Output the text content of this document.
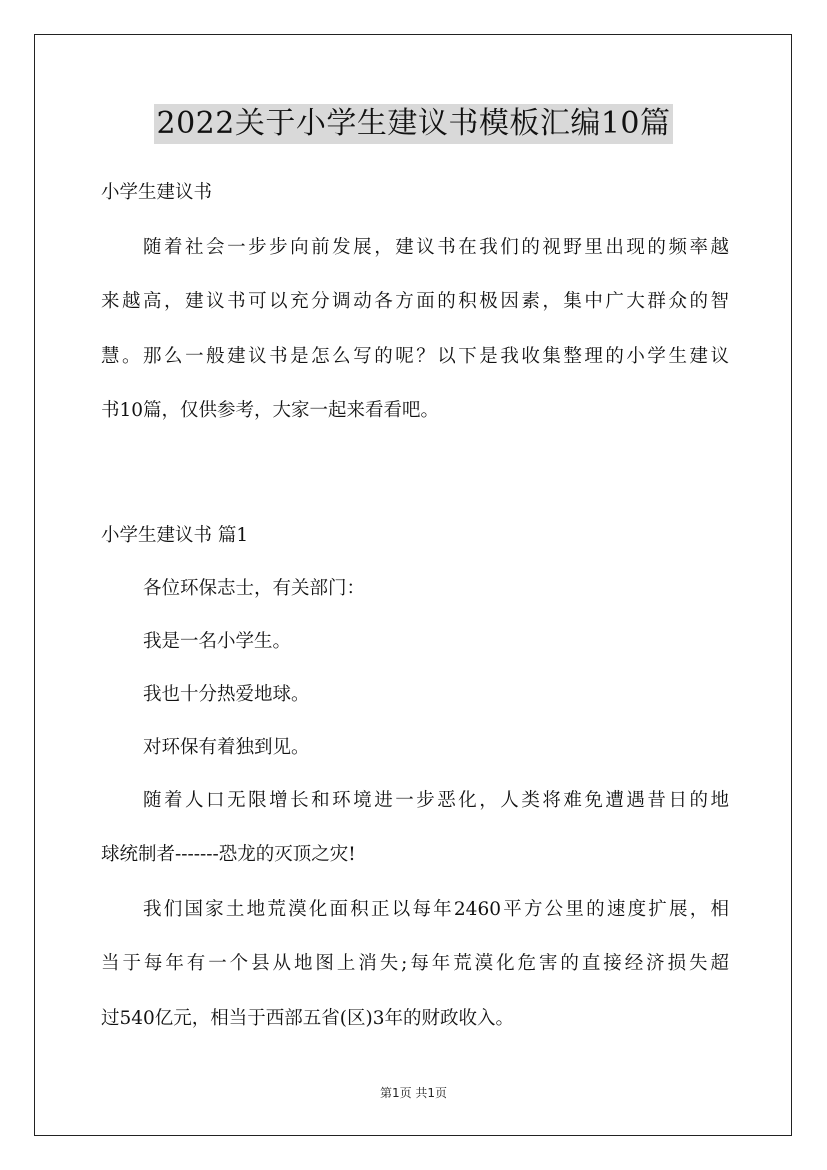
2022关于小学生建议书模板汇编10篇
小学生建议书
随着社会一步步向前发展，建议书在我们的视野里出现的频率越
来越高，建议书可以充分调动各方面的积极因素，集中广大群众的智
慧。那么一般建议书是怎么写的呢？以下是我收集整理的小学生建议
书10篇，仅供参考，大家一起来看看吧。
小学生建议书 篇1
各位环保志士，有关部门：
我是一名小学生。
我也十分热爱地球。
对环保有着独到见。
随着人口无限增长和环境进一步恶化，人类将难免遭遇昔日的地
球统制者-------恐龙的灭顶之灾!
我们国家土地荒漠化面积正以每年2460平方公里的速度扩展，相
当于每年有一个县从地图上消失;每年荒漠化危害的直接经济损失超
过540亿元，相当于西部五省(区)3年的财政收入。
第1页 共1页
